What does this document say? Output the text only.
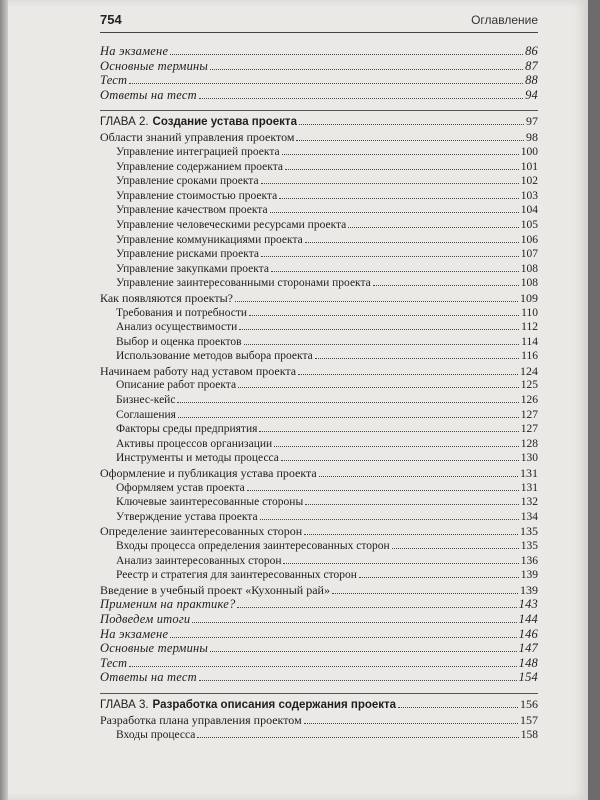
754	Оглавление
На экзамене	86
Основные термины	87
Тест	88
Ответы на тест	94
ГЛАВА 2. Создание устава проекта	97
Области знаний управления проектом	98
Управление интеграцией проекта	100
Управление содержанием проекта	101
Управление сроками проекта	102
Управление стоимостью проекта	103
Управление качеством проекта	104
Управление человеческими ресурсами проекта	105
Управление коммуникациями проекта	106
Управление рисками проекта	107
Управление закупками проекта	108
Управление заинтересованными сторонами проекта	108
Как появляются проекты?	109
Требования и потребности	110
Анализ осуществимости	112
Выбор и оценка проектов	114
Использование методов выбора проекта	116
Начинаем работу над уставом проекта	124
Описание работ проекта	125
Бизнес-кейс	126
Соглашения	127
Факторы среды предприятия	127
Активы процессов организации	128
Инструменты и методы процесса	130
Оформление и публикация устава проекта	131
Оформляем устав проекта	131
Ключевые заинтересованные стороны	132
Утверждение устава проекта	134
Определение заинтересованных сторон	135
Входы процесса определения заинтересованных сторон	135
Анализ заинтересованных сторон	136
Реестр и стратегия для заинтересованных сторон	139
Введение в учебный проект «Кухонный рай»	139
Применим на практике?	143
Подведем итоги	144
На экзамене	146
Основные термины	147
Тест	148
Ответы на тест	154
ГЛАВА 3. Разработка описания содержания проекта	156
Разработка плана управления проектом	157
Входы процесса	158
